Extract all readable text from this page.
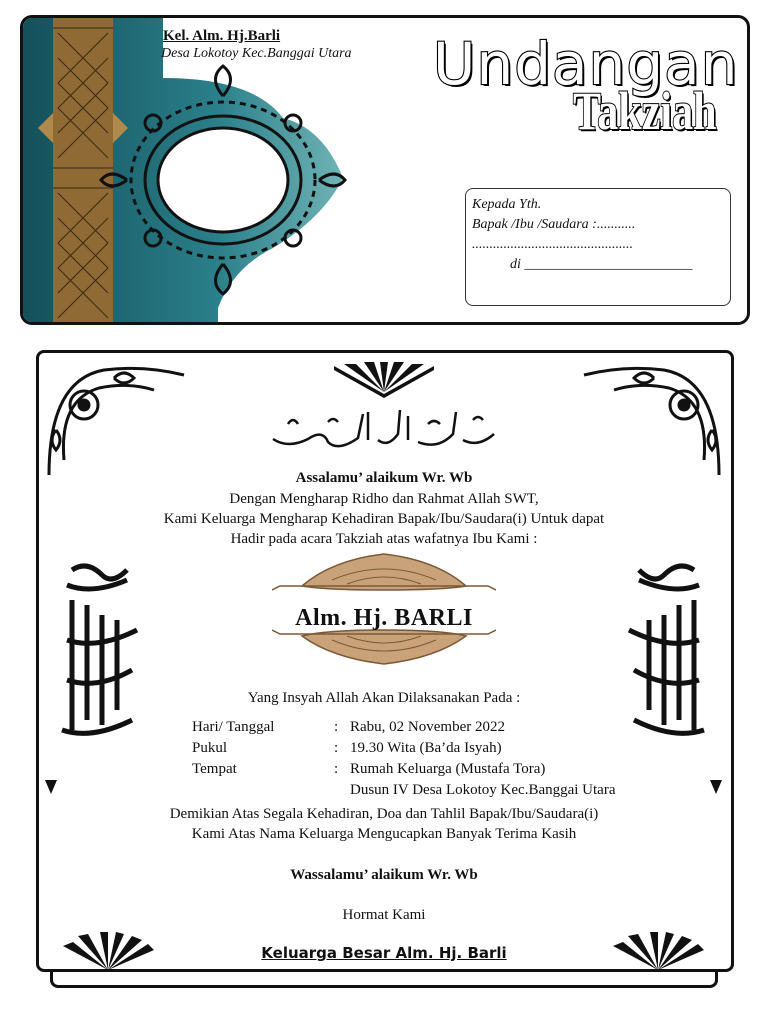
Kel. Alm. Hj.Barli
Desa Lokotoy Kec.Banggai Utara Undangan
Takziah
Kepada Yth.
Bapak /Ibu /Saudara :...........
..............................................
di ________________________
Assalamu’ alaikum Wr. Wb
Dengan Mengharap Ridho dan Rahmat Allah SWT,
Kami Keluarga Mengharap Kehadiran Bapak/Ibu/Saudara(i) Untuk dapat
Hadir pada acara Takziah atas wafatnya Ibu Kami :
Alm. Hj. BARLI
Yang Insyah Allah Akan Dilaksanakan Pada :
Hari/ Tanggal	: Rabu, 02 November 2022
Pukul	: 19.30 Wita (Ba’da Isyah)
Tempat	: Rumah Keluarga (Mustafa Tora)
Dusun IV Desa Lokotoy Kec.Banggai Utara
Demikian Atas Segala Kehadiran, Doa dan Tahlil Bapak/Ibu/Saudara(i)
Kami Atas Nama Keluarga Mengucapkan Banyak Terima Kasih
Wassalamu’ alaikum Wr. Wb
Hormat Kami
Keluarga Besar Alm. Hj. Barli
